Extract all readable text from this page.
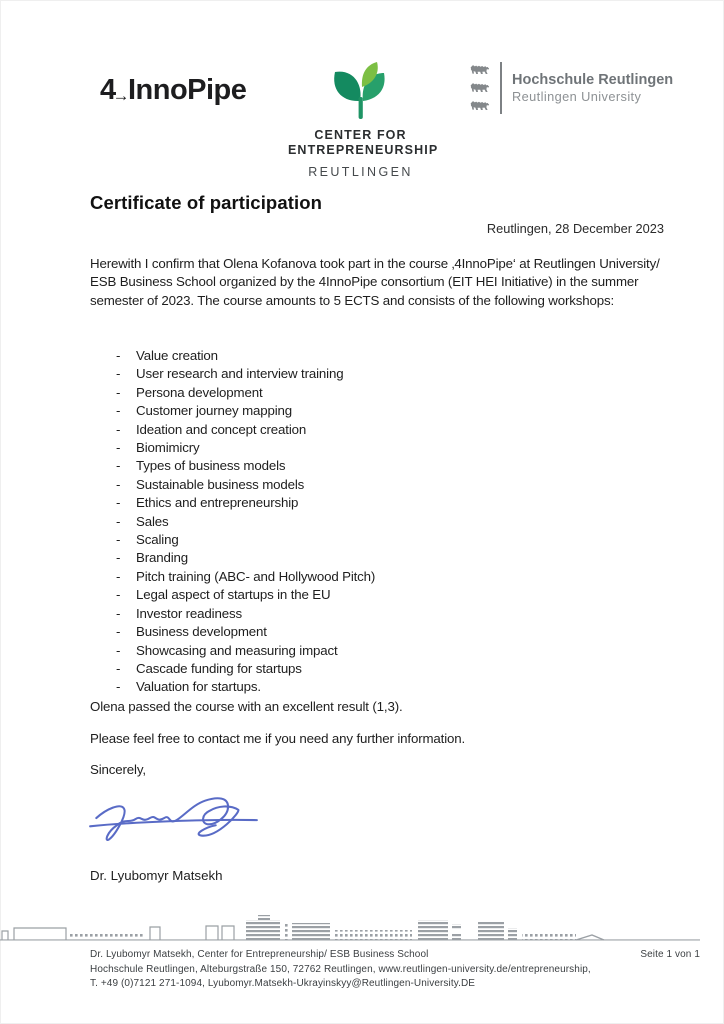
4→InnoPipe
CENTER FOR
ENTREPRENEURSHIP
REUTLINGEN
Hochschule Reutlingen
Reutlingen University
Certificate of participation
Reutlingen, 28 December 2023
Herewith I confirm that Olena Kofanova took part in the course ‚4InnoPipe‘ at Reutlingen University/ ESB Business School organized by the 4InnoPipe consortium (EIT HEI Initiative) in the summer semester of 2023. The course amounts to 5 ECTS and consists of the following workshops:
-	Value creation
-	User research and interview training
-	Persona development
-	Customer journey mapping
-	Ideation and concept creation
-	Biomimicry
-	Types of business models
-	Sustainable business models
-	Ethics and entrepreneurship
-	Sales
-	Scaling
-	Branding
-	Pitch training (ABC- and Hollywood Pitch)
-	Legal aspect of startups in the EU
-	Investor readiness
-	Business development
-	Showcasing and measuring impact
-	Cascade funding for startups
-	Valuation for startups.
Olena passed the course with an excellent result (1,3).
Please feel free to contact me if you need any further information.
Sincerely,
Dr. Lyubomyr Matsekh
Dr. Lyubomyr Matsekh, Center for Entrepreneurship/ ESB Business School	Seite 1 von 1
Hochschule Reutlingen, Alteburgstraße 150, 72762 Reutlingen, www.reutlingen-university.de/entrepreneurship,
T. +49 (0)7121 271-1094, Lyubomyr.Matsekh-Ukrayinskyy@Reutlingen-University.DE
